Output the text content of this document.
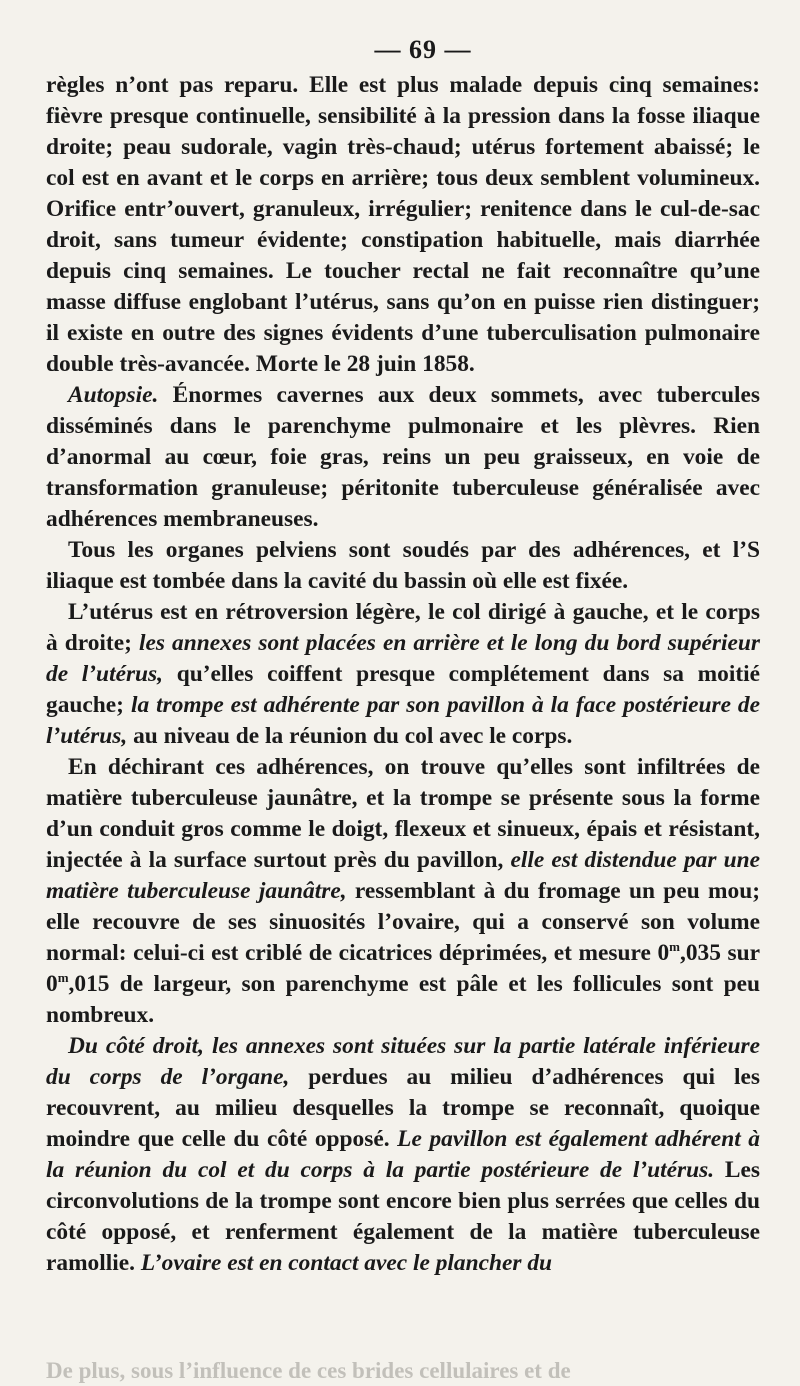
— 69 —

règles n’ont pas reparu. Elle est plus malade depuis cinq semaines: fièvre presque continuelle, sensibilité à la pression dans la fosse iliaque droite; peau sudorale, vagin très-chaud; utérus fortement abaissé; le col est en avant et le corps en arrière; tous deux semblent volumineux. Orifice entr’ouvert, granuleux, irrégulier; renitence dans le cul-de-sac droit, sans tumeur évidente; constipation habituelle, mais diarrhée depuis cinq semaines. Le toucher rectal ne fait reconnaître qu’une masse diffuse englobant l’utérus, sans qu’on en puisse rien distinguer; il existe en outre des signes évidents d’une tuberculisation pulmonaire double très-avancée. Morte le 28 juin 1858.

Autopsie. Énormes cavernes aux deux sommets, avec tubercules disséminés dans le parenchyme pulmonaire et les plèvres. Rien d’anormal au cœur, foie gras, reins un peu graisseux, en voie de transformation granuleuse; péritonite tuberculeuse généralisée avec adhérences membraneuses.

Tous les organes pelviens sont soudés par des adhérences, et l’S iliaque est tombée dans la cavité du bassin où elle est fixée.

L’utérus est en rétroversion légère, le col dirigé à gauche, et le corps à droite; les annexes sont placées en arrière et le long du bord supérieur de l’utérus, qu’elles coiffent presque complétement dans sa moitié gauche; la trompe est adhérente par son pavillon à la face postérieure de l’utérus, au niveau de la réunion du col avec le corps.

En déchirant ces adhérences, on trouve qu’elles sont infiltrées de matière tuberculeuse jaunâtre, et la trompe se présente sous la forme d’un conduit gros comme le doigt, flexeux et sinueux, épais et résistant, injectée à la surface surtout près du pavillon, elle est distendue par une matière tuberculeuse jaunâtre, ressemblant à du fromage un peu mou; elle recouvre de ses sinuosités l’ovaire, qui a conservé son volume normal: celui-ci est criblé de cicatrices déprimées, et mesure 0$^m$,035 sur 0$^m$,015 de largeur, son parenchyme est pâle et les follicules sont peu nombreux.

Du côté droit, les annexes sont situées sur la partie latérale inférieure du corps de l’organe, perdues au milieu d’adhérences qui les recouvrent, au milieu desquelles la trompe se reconnaît, quoique moindre que celle du côté opposé. Le pavillon est également adhérent à la réunion du col et du corps à la partie postérieure de l’utérus. Les circonvolutions de la trompe sont encore bien plus serrées que celles du côté opposé, et renferment également de la matière tuberculeuse ramollie. L’ovaire est en contact avec le plancher du

De plus, sous l’influence de ces brides cellulaires et de
